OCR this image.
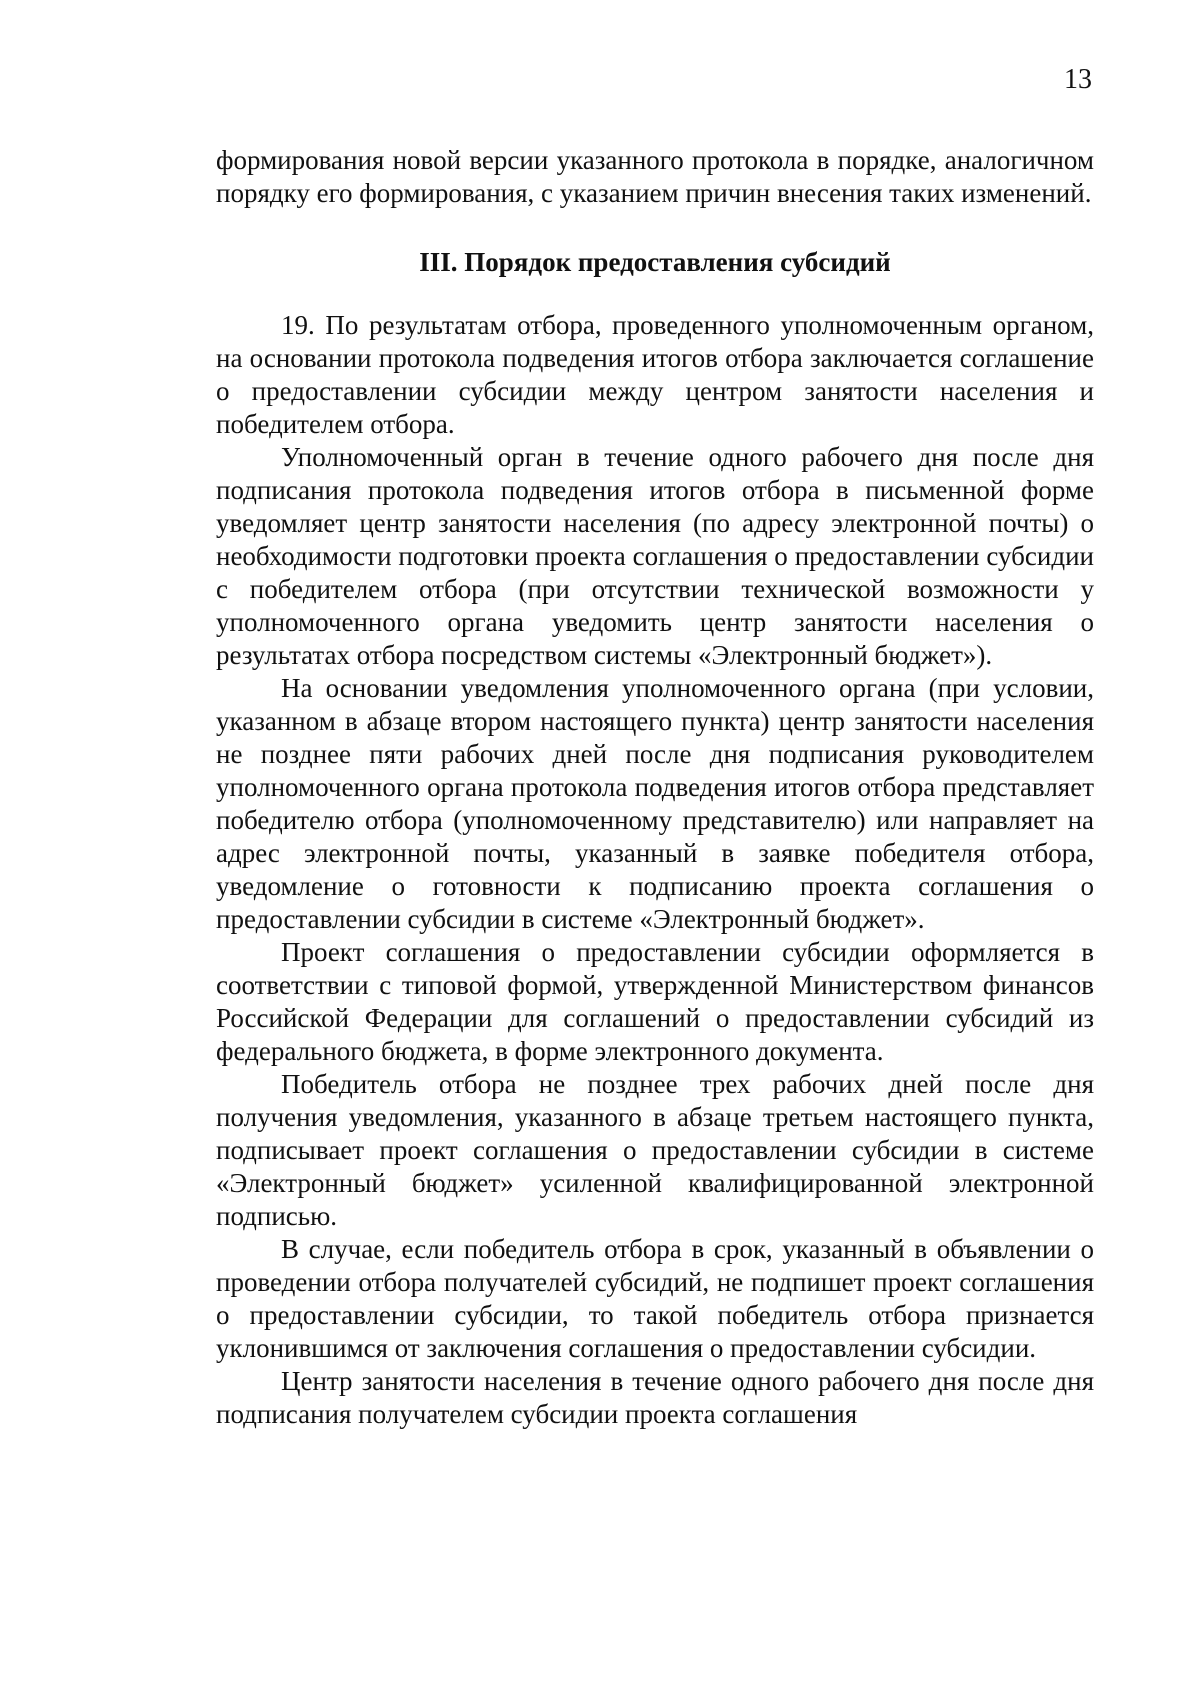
13

формирования новой версии указанного протокола в порядке, аналогичном порядку его формирования, с указанием причин внесения таких изменений.

III. Порядок предоставления субсидий

19. По результатам отбора, проведенного уполномоченным органом, на основании протокола подведения итогов отбора заключается соглашение о предоставлении субсидии между центром занятости населения и победителем отбора.

Уполномоченный орган в течение одного рабочего дня после дня подписания протокола подведения итогов отбора в письменной форме уведомляет центр занятости населения (по адресу электронной почты) о необходимости подготовки проекта соглашения о предоставлении субсидии с победителем отбора (при отсутствии технической возможности у уполномоченного органа уведомить центр занятости населения о результатах отбора посредством системы «Электронный бюджет»).

На основании уведомления уполномоченного органа (при условии, указанном в абзаце втором настоящего пункта) центр занятости населения не позднее пяти рабочих дней после дня подписания руководителем уполномоченного органа протокола подведения итогов отбора представляет победителю отбора (уполномоченному представителю) или направляет на адрес электронной почты, указанный в заявке победителя отбора, уведомление о готовности к подписанию проекта соглашения о предоставлении субсидии в системе «Электронный бюджет».

Проект соглашения о предоставлении субсидии оформляется в соответствии с типовой формой, утвержденной Министерством финансов Российской Федерации для соглашений о предоставлении субсидий из федерального бюджета, в форме электронного документа.

Победитель отбора не позднее трех рабочих дней после дня получения уведомления, указанного в абзаце третьем настоящего пункта, подписывает проект соглашения о предоставлении субсидии в системе «Электронный бюджет» усиленной квалифицированной электронной подписью.

В случае, если победитель отбора в срок, указанный в объявлении о проведении отбора получателей субсидий, не подпишет проект соглашения о предоставлении субсидии, то такой победитель отбора признается уклонившимся от заключения соглашения о предоставлении субсидии.

Центр занятости населения в течение одного рабочего дня после дня подписания получателем субсидии проекта соглашения
